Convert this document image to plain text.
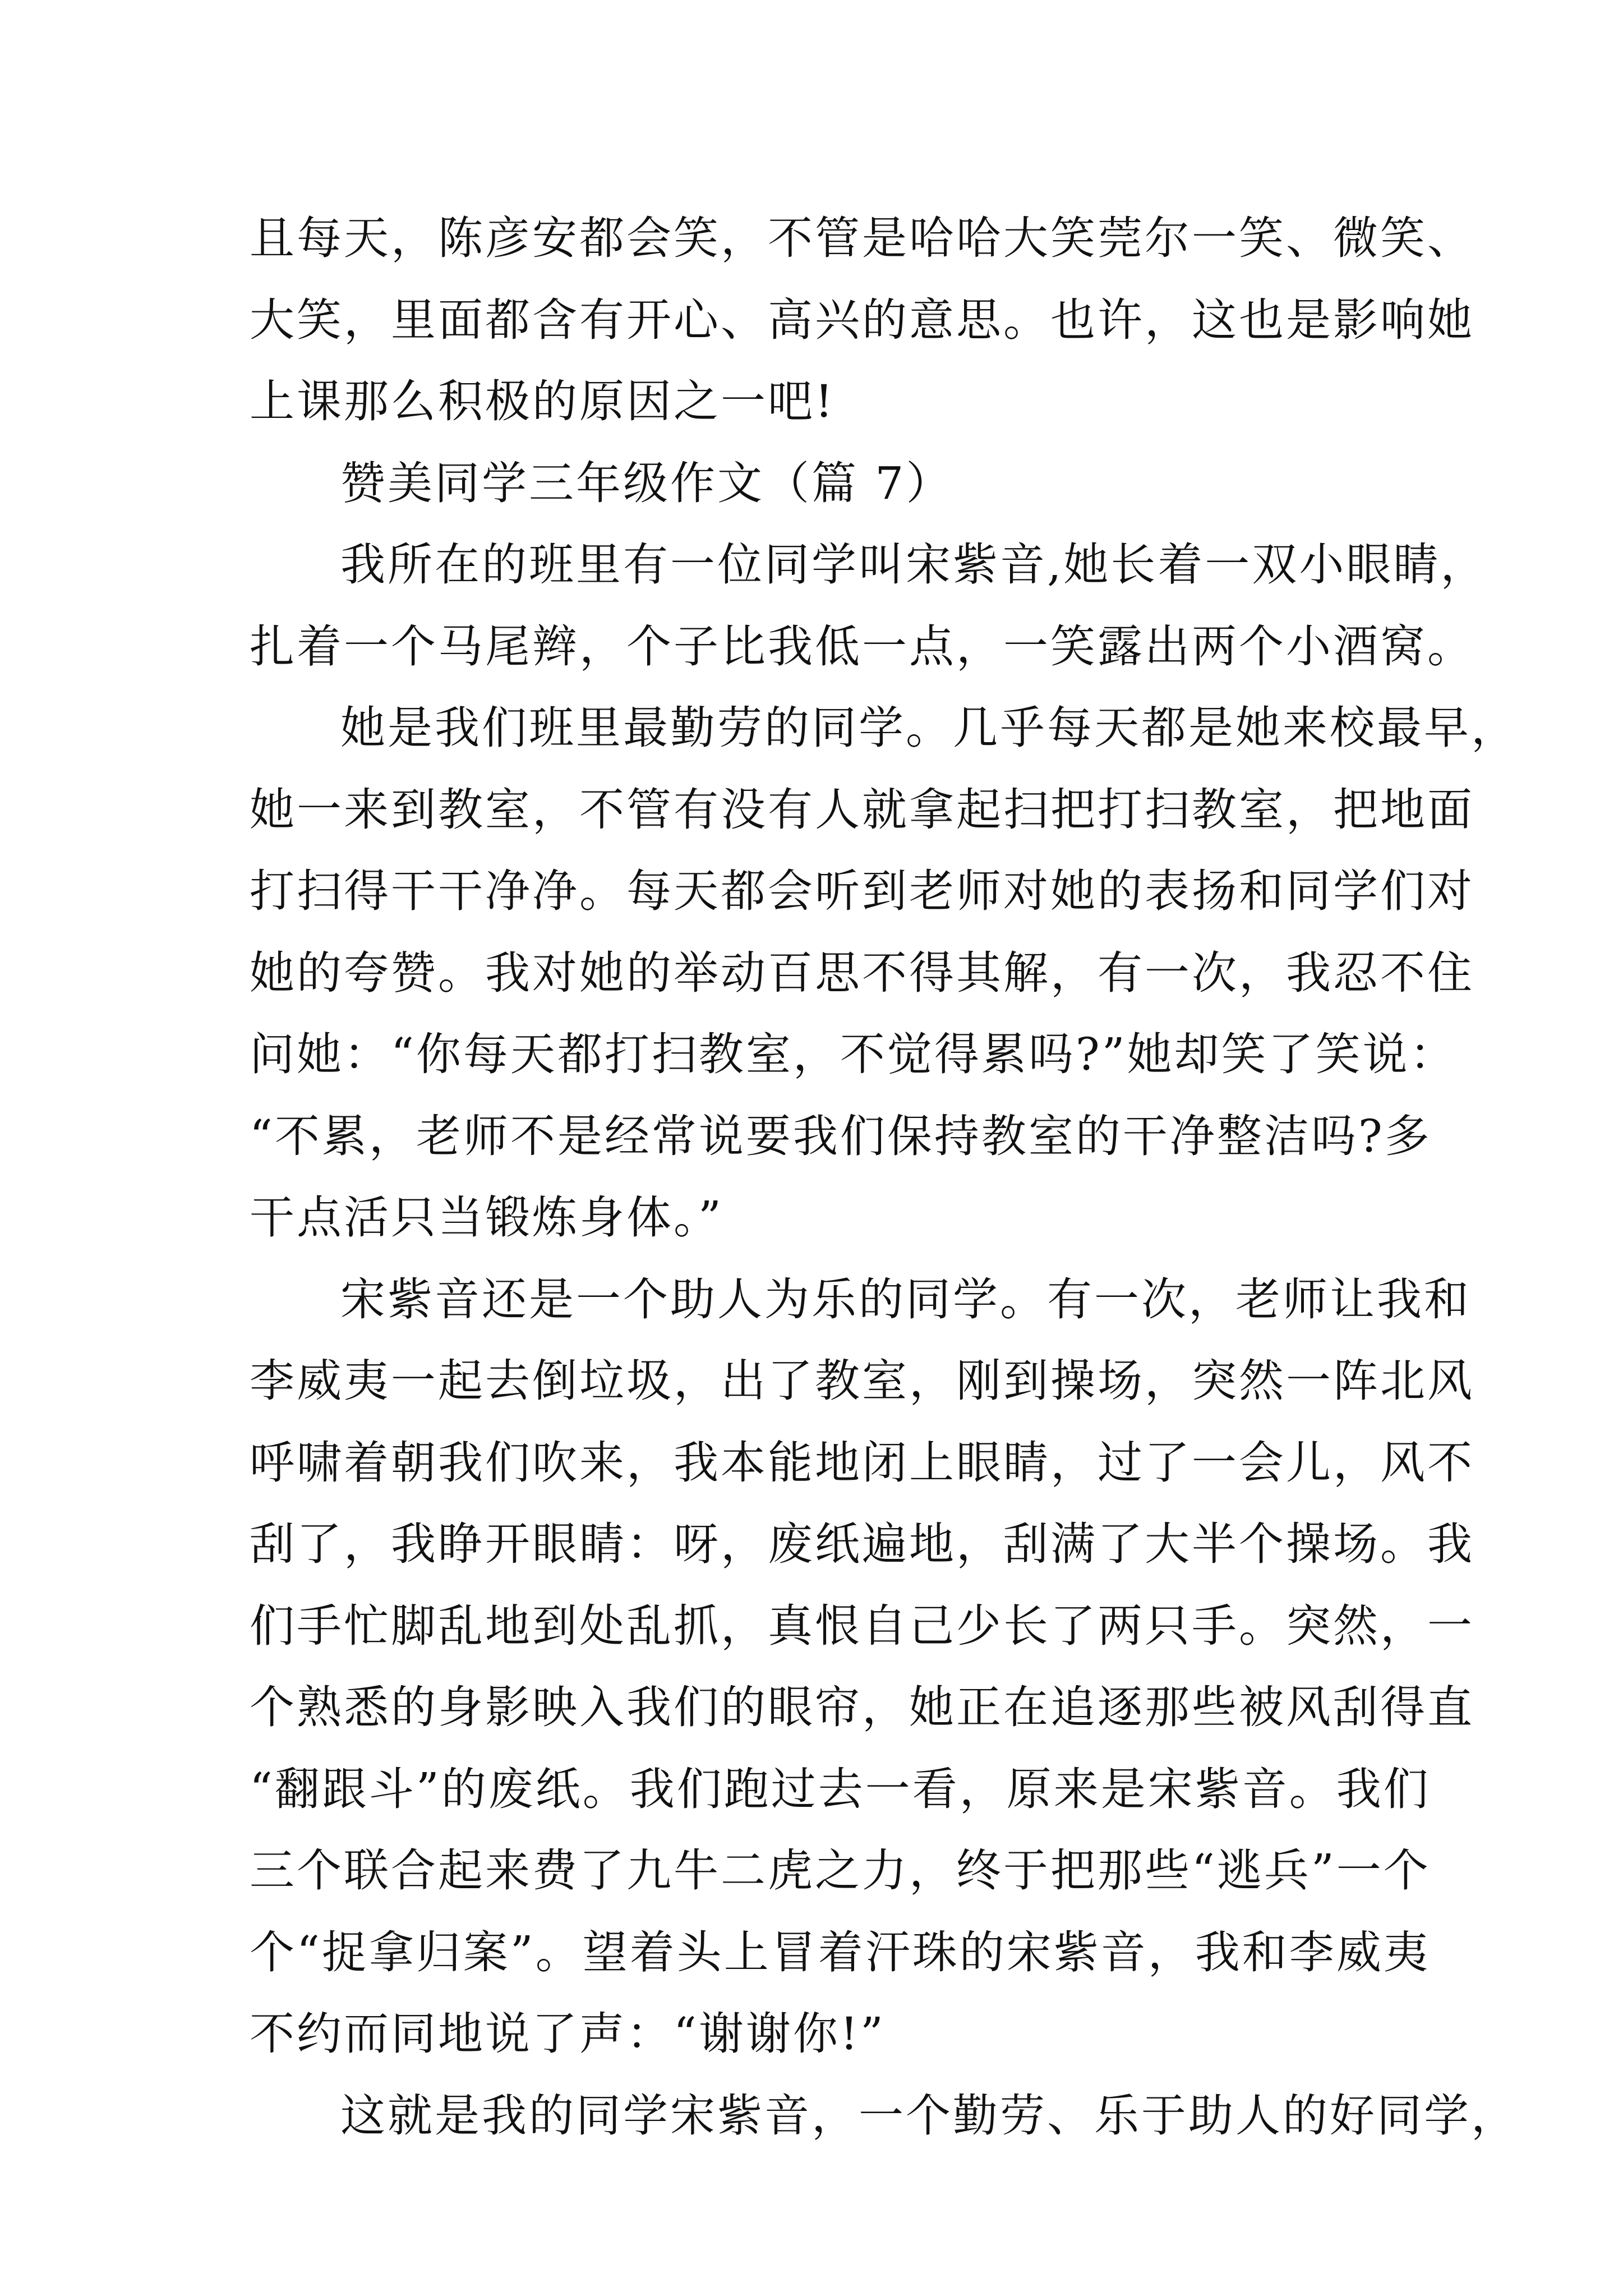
且每天，陈彦安都会笑，不管是哈哈大笑莞尔一笑、微笑、
大笑，里面都含有开心、高兴的意思。也许，这也是影响她
上课那么积极的原因之一吧!
赞美同学三年级作文（篇 7）
我所在的班里有一位同学叫宋紫音,她长着一双小眼睛，
扎着一个马尾辫，个子比我低一点，一笑露出两个小酒窝。
她是我们班里最勤劳的同学。几乎每天都是她来校最早，
她一来到教室，不管有没有人就拿起扫把打扫教室，把地面
打扫得干干净净。每天都会听到老师对她的表扬和同学们对
她的夸赞。我对她的举动百思不得其解，有一次，我忍不住
问她：“你每天都打扫教室，不觉得累吗?”她却笑了笑说：
“不累，老师不是经常说要我们保持教室的干净整洁吗?多
干点活只当锻炼身体。”
宋紫音还是一个助人为乐的同学。有一次，老师让我和
李威夷一起去倒垃圾，出了教室，刚到操场，突然一阵北风
呼啸着朝我们吹来，我本能地闭上眼睛，过了一会儿，风不
刮了，我睁开眼睛：呀，废纸遍地，刮满了大半个操场。我
们手忙脚乱地到处乱抓，真恨自己少长了两只手。突然，一
个熟悉的身影映入我们的眼帘，她正在追逐那些被风刮得直
“翻跟斗”的废纸。我们跑过去一看，原来是宋紫音。我们
三个联合起来费了九牛二虎之力，终于把那些“逃兵”一个
个“捉拿归案”。望着头上冒着汗珠的宋紫音，我和李威夷
不约而同地说了声：“谢谢你!”
这就是我的同学宋紫音，一个勤劳、乐于助人的好同学，
